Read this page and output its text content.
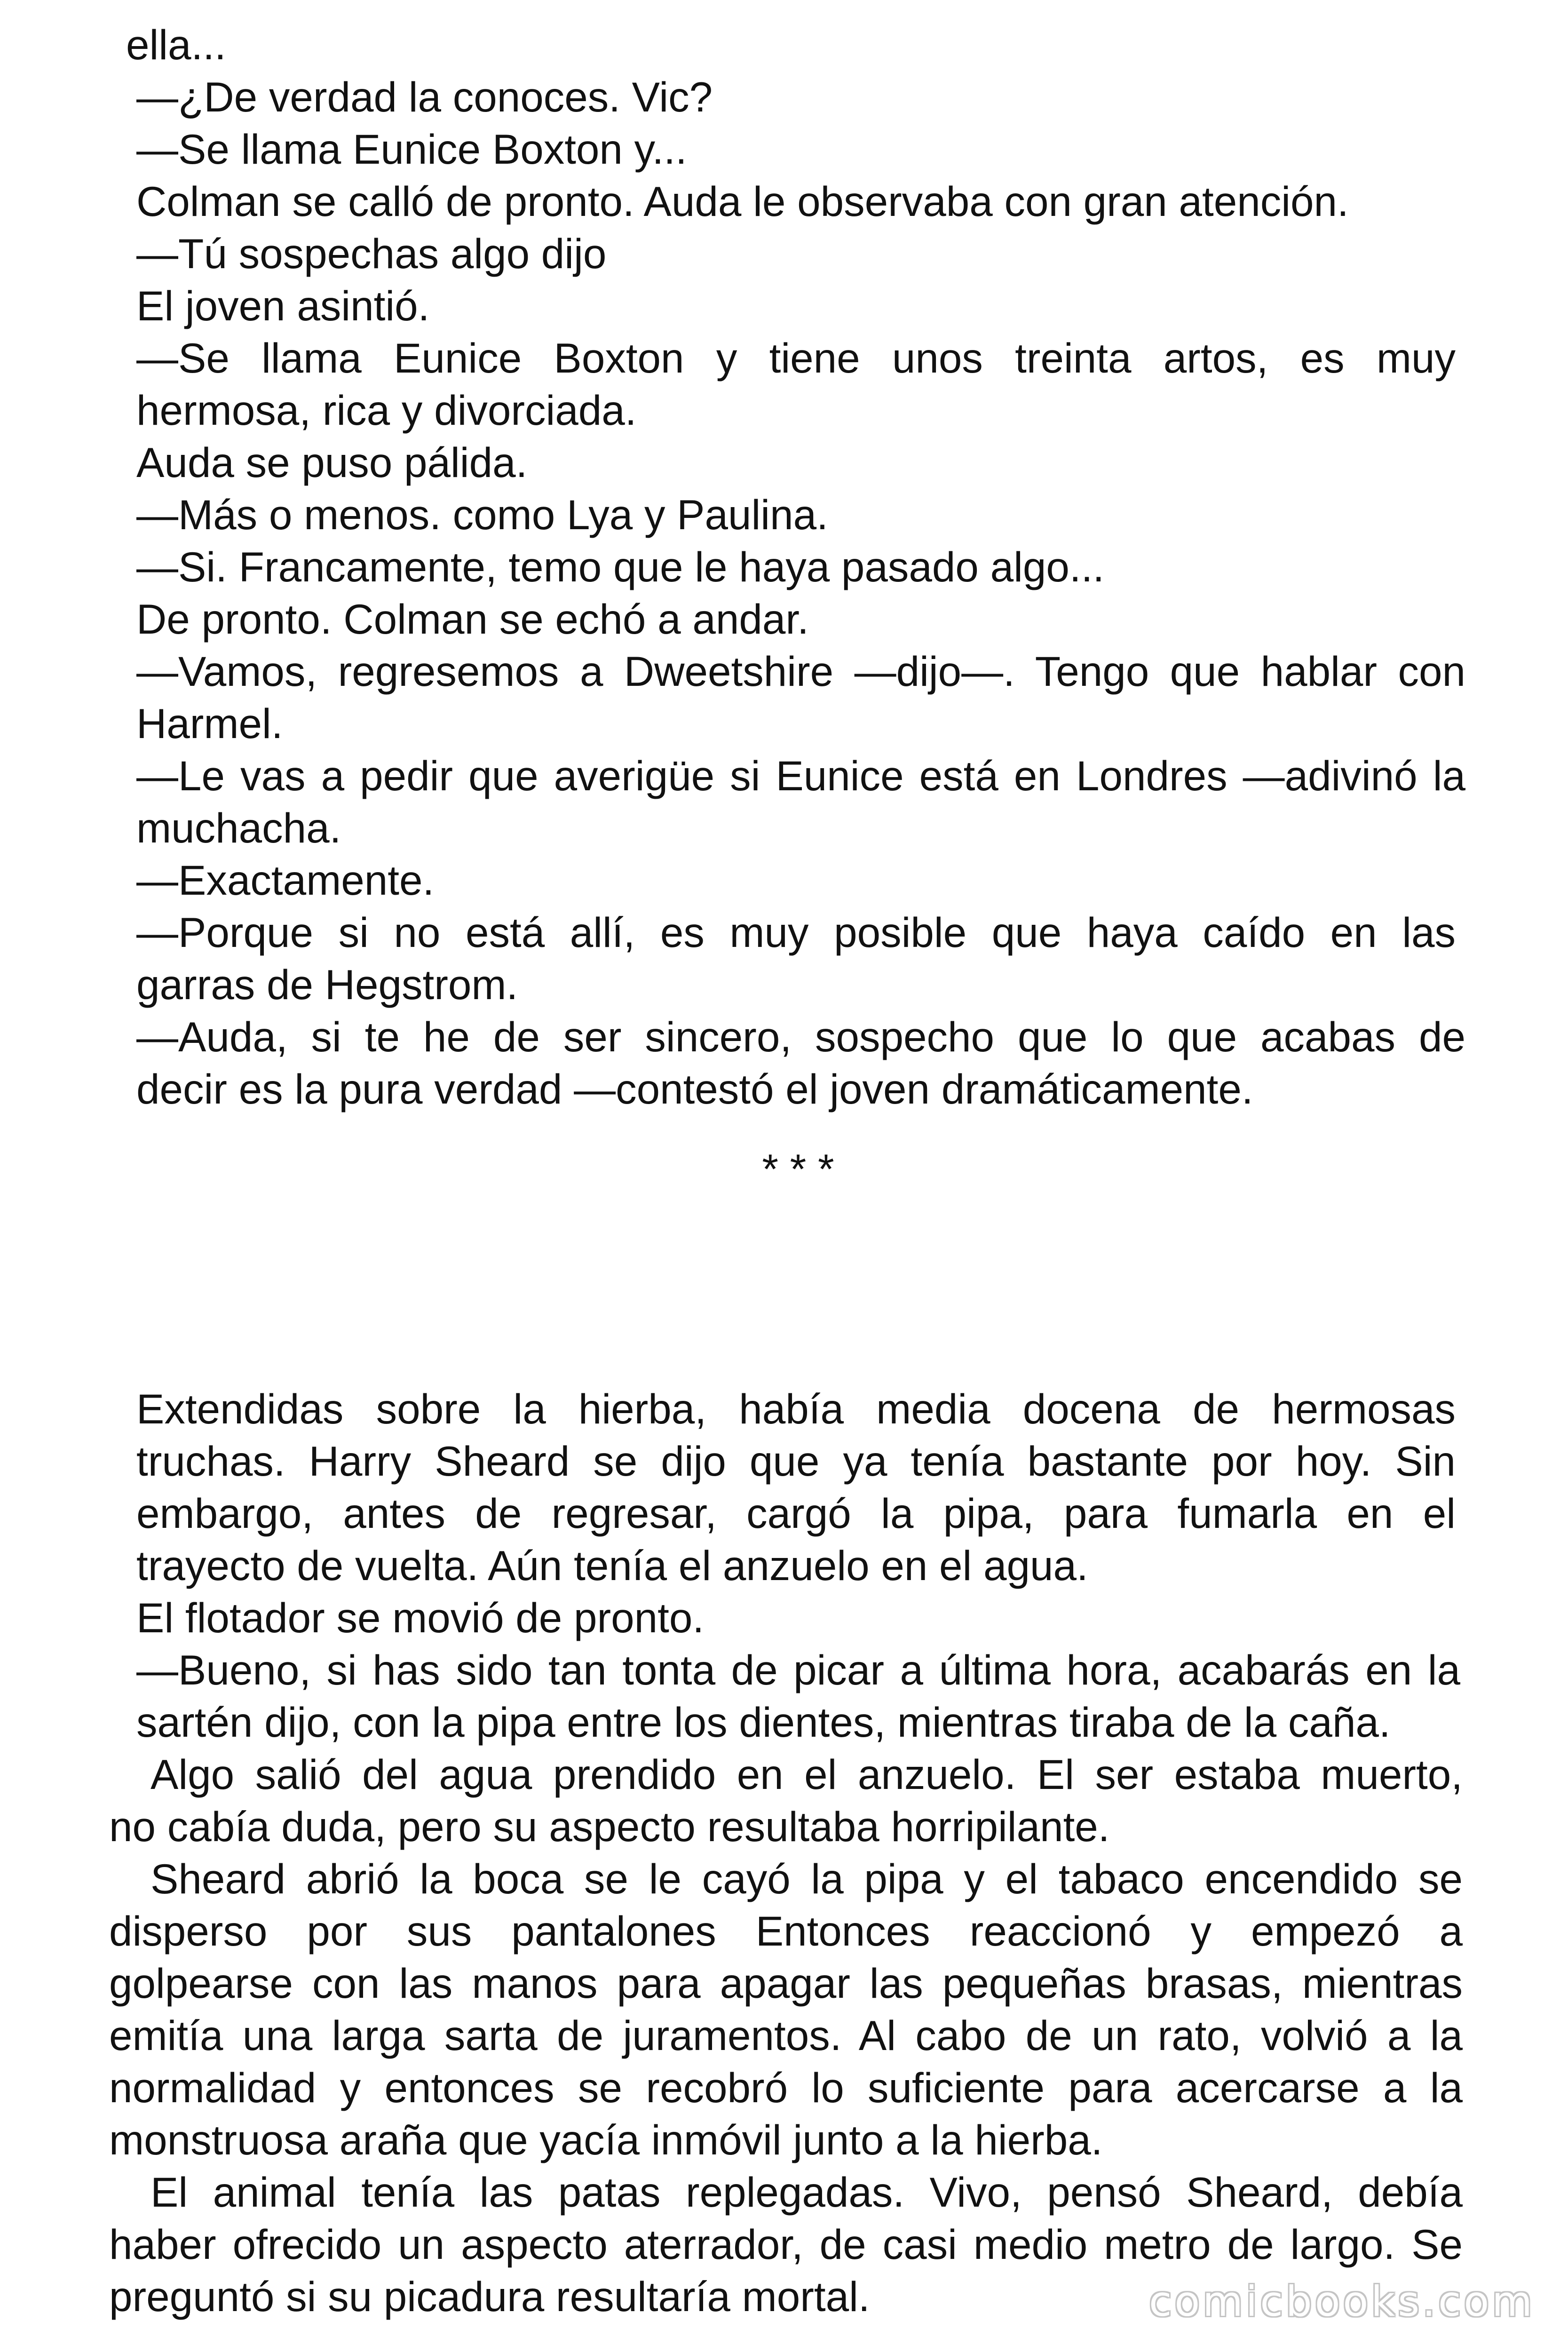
ella...

—¿De verdad la conoces. Vic?

—Se llama Eunice Boxton y...

Colman se calló de pronto. Auda le observaba con gran atención.

—Tú sospechas algo dijo

El joven asintió.

—Se llama Eunice Boxton y tiene unos treinta artos, es muy

hermosa, rica y divorciada.

Auda se puso pálida.

—Más o menos. como Lya y Paulina.

—Si. Francamente, temo que le haya pasado algo...

De pronto. Colman se echó a andar.

—Vamos, regresemos a Dweetshire —dijo—. Tengo que hablar con

Harmel.

—Le vas a pedir que averigüe si Eunice está en Londres —adivinó la

muchacha.

—Exactamente.

—Porque si no está allí, es muy posible que haya caído en las

garras de Hegstrom.

—Auda, si te he de ser sincero, sospecho que lo que acabas de

decir es la pura verdad —contestó el joven dramáticamente.

* * *

Extendidas sobre la hierba, había media docena de hermosas

truchas. Harry Sheard se dijo que ya tenía bastante por hoy. Sin

embargo, antes de regresar, cargó la pipa, para fumarla en el

trayecto de vuelta. Aún tenía el anzuelo en el agua.

El flotador se movió de pronto.

—Bueno, si has sido tan tonta de picar a última hora, acabarás en la

sartén dijo, con la pipa entre los dientes, mientras tiraba de la caña.

Algo salió del agua prendido en el anzuelo. El ser estaba muerto,

no cabía duda, pero su aspecto resultaba horripilante.

Sheard abrió la boca se le cayó la pipa y el tabaco encendido se

disperso por sus pantalones Entonces reaccionó y empezó a

golpearse con las manos para apagar las pequeñas brasas, mientras

emitía una larga sarta de juramentos. Al cabo de un rato, volvió a la

normalidad y entonces se recobró lo suficiente para acercarse a la

monstruosa araña que yacía inmóvil junto a la hierba.

El animal tenía las patas replegadas. Vivo, pensó Sheard, debía

haber ofrecido un aspecto aterrador, de casi medio metro de largo. Se

preguntó si su picadura resultaría mortal.	comicbooks.com
